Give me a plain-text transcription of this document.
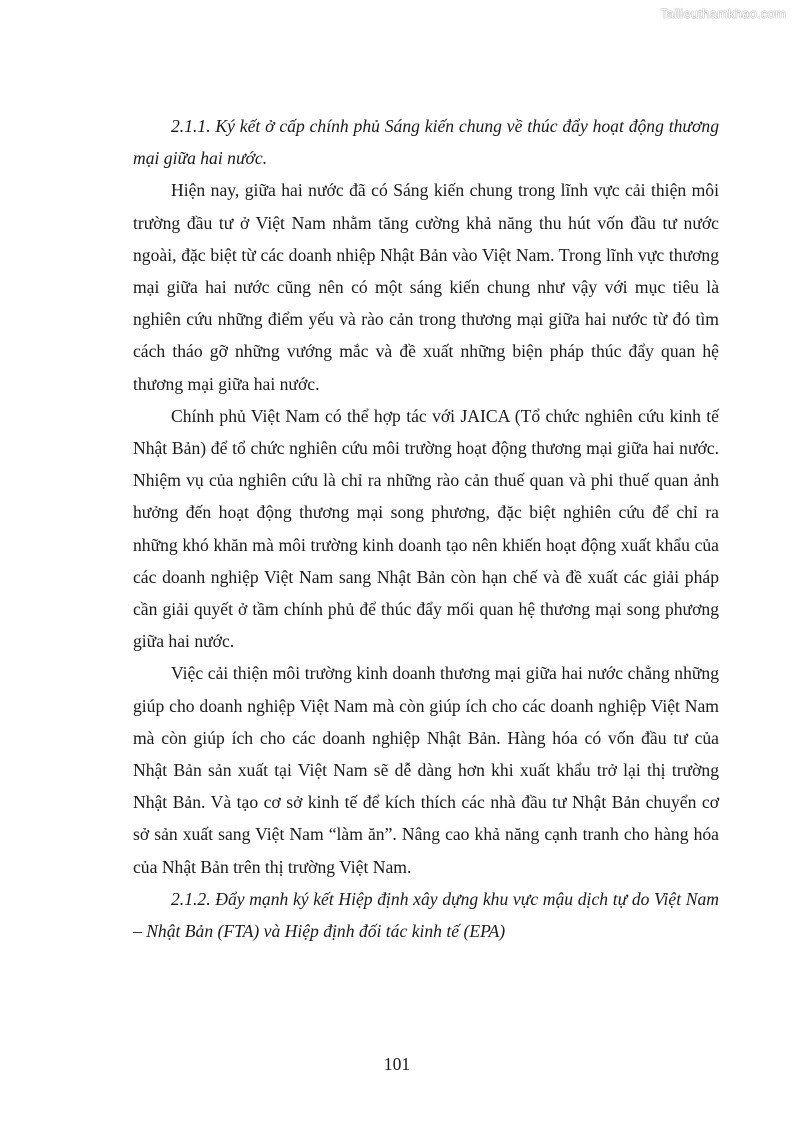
Tailieuthamkhao.com

2.1.1. Ký kết ở cấp chính phủ Sáng kiến chung về thúc đẩy hoạt động thương mại giữa hai nước.

Hiện nay, giữa hai nước đã có Sáng kiến chung trong lĩnh vực cải thiện môi trường đầu tư ở Việt Nam nhằm tăng cường khả năng thu hút vốn đầu tư nước ngoài, đặc biệt từ các doanh nhiệp Nhật Bản vào Việt Nam. Trong lĩnh vực thương mại giữa hai nước cũng nên có một sáng kiến chung như vậy với mục tiêu là nghiên cứu những điểm yếu và rào cản trong thương mại giữa hai nước từ đó tìm cách tháo gỡ những vướng mắc và đề xuất những biện pháp thúc đẩy quan hệ thương mại giữa hai nước.

Chính phủ Việt Nam có thể hợp tác với JAICA (Tổ chức nghiên cứu kinh tế Nhật Bản) để tổ chức nghiên cứu môi trường hoạt động thương mại giữa hai nước. Nhiệm vụ của nghiên cứu là chỉ ra những rào cản thuế quan và phi thuế quan ảnh hưởng đến hoạt động thương mại song phương, đặc biệt nghiên cứu để chỉ ra những khó khăn mà môi trường kinh doanh tạo nên khiến hoạt động xuất khẩu của các doanh nghiệp Việt Nam sang Nhật Bản còn hạn chế và đề xuất các giải pháp cần giải quyết ở tầm chính phủ để thúc đẩy mối quan hệ thương mại song phương giữa hai nước.

Việc cải thiện môi trường kinh doanh thương mại giữa hai nước chẳng những giúp cho doanh nghiệp Việt Nam mà còn giúp ích cho các doanh nghiệp Việt Nam mà còn giúp ích cho các doanh nghiệp Nhật Bản. Hàng hóa có vốn đầu tư của Nhật Bản sản xuất tại Việt Nam sẽ dễ dàng hơn khi xuất khẩu trở lại thị trường Nhật Bản. Và tạo cơ sở kinh tế để kích thích các nhà đầu tư Nhật Bản chuyển cơ sở sản xuất sang Việt Nam “làm ăn”. Nâng cao khả năng cạnh tranh cho hàng hóa của Nhật Bản trên thị trường Việt Nam.

2.1.2. Đẩy mạnh ký kết Hiệp định xây dựng khu vực mậu dịch tự do Việt Nam – Nhật Bản (FTA) và Hiệp định đối tác kinh tế (EPA)

101
